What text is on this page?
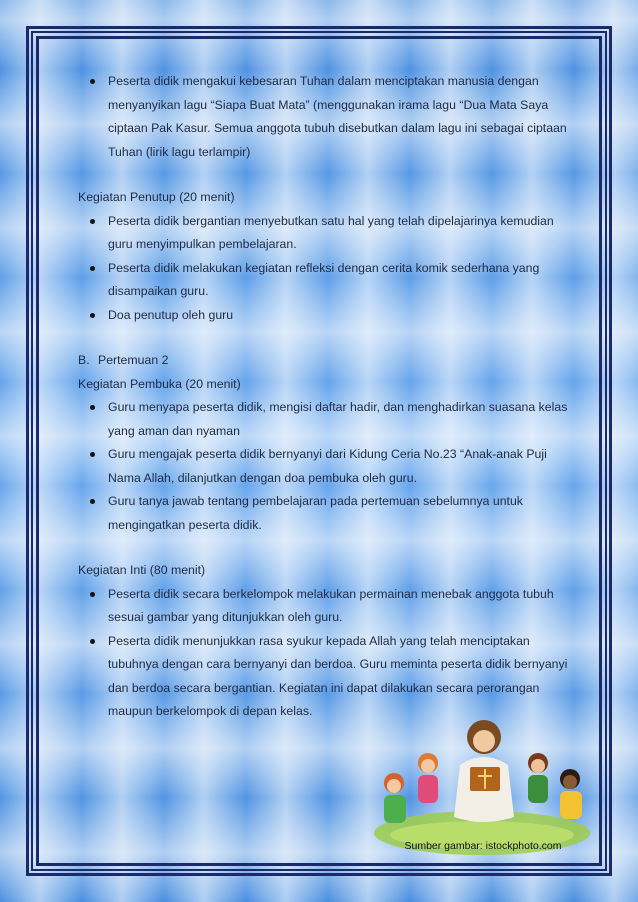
Peserta didik mengakui kebesaran Tuhan dalam menciptakan manusia dengan menyanyikan lagu “Siapa Buat Mata” (menggunakan irama lagu “Dua Mata Saya ciptaan Pak Kasur. Semua anggota tubuh disebutkan dalam lagu ini sebagai ciptaan Tuhan (lirik lagu terlampir)

Kegiatan Penutup (20 menit)

Peserta didik bergantian menyebutkan satu hal yang telah dipelajarinya kemudian guru menyimpulkan pembelajaran.
Peserta didik melakukan kegiatan refleksi dengan cerita komik sederhana yang disampaikan guru.
Doa penutup oleh guru
B. Pertemuan 2

Kegiatan Pembuka (20 menit)

Guru menyapa peserta didik, mengisi daftar hadir, dan menghadirkan suasana kelas yang aman dan nyaman
Guru mengajak peserta didik bernyanyi dari Kidung Ceria No.23 “Anak-anak Puji Nama Allah, dilanjutkan dengan doa pembuka oleh guru.
Guru tanya jawab tentang pembelajaran pada pertemuan sebelumnya untuk mengingatkan peserta didik.

Kegiatan Inti (80 menit)

Peserta didik secara berkelompok melakukan permainan menebak anggota tubuh sesuai gambar yang ditunjukkan oleh guru.
Peserta didik menunjukkan rasa syukur kepada Allah yang telah menciptakan tubuhnya dengan cara bernyanyi dan berdoa. Guru meminta peserta didik bernyanyi dan berdoa secara bergantian. Kegiatan ini dapat dilakukan secara perorangan maupun berkelompok di depan kelas.
Sumber gambar: istockphoto.com
